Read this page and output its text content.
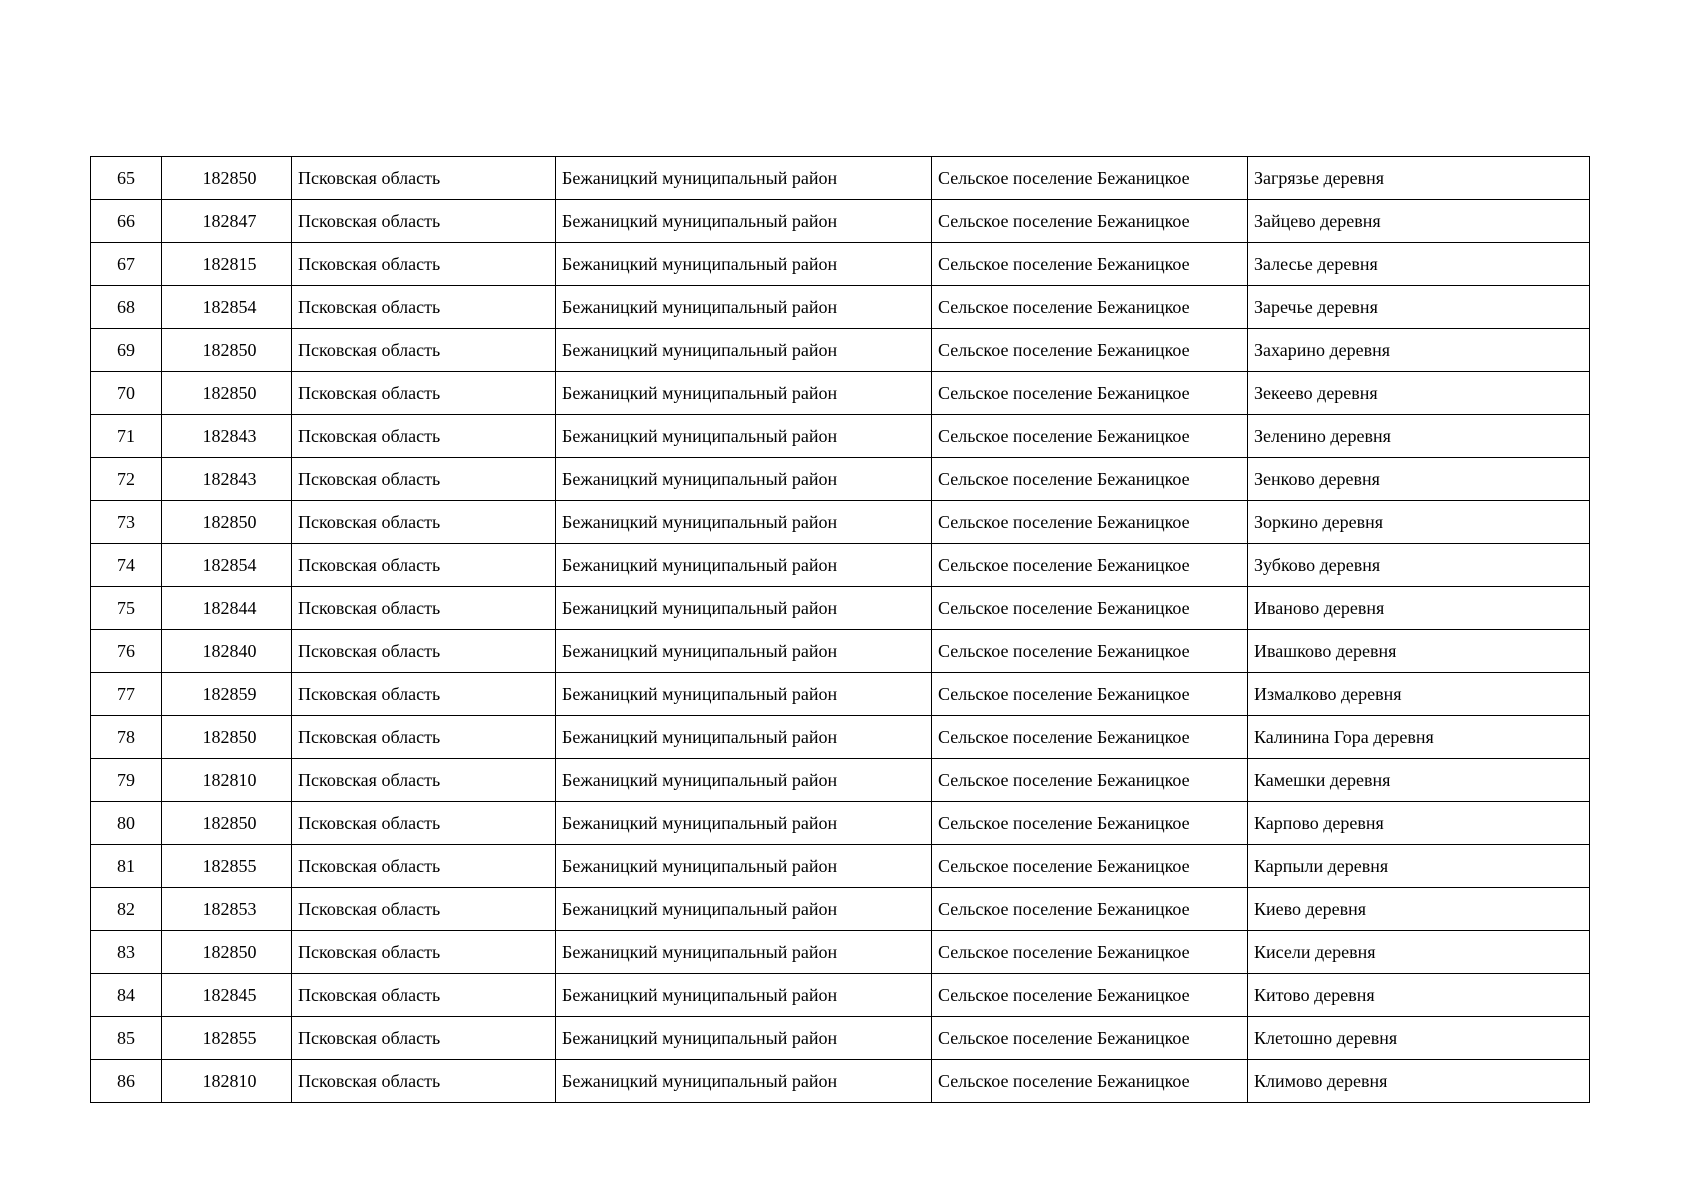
65	182850	Псковская область	Бежаницкий муниципальный район	Сельское поселение Бежаницкое	Загрязье деревня
66	182847	Псковская область	Бежаницкий муниципальный район	Сельское поселение Бежаницкое	Зайцево деревня
67	182815	Псковская область	Бежаницкий муниципальный район	Сельское поселение Бежаницкое	Залесье деревня
68	182854	Псковская область	Бежаницкий муниципальный район	Сельское поселение Бежаницкое	Заречье деревня
69	182850	Псковская область	Бежаницкий муниципальный район	Сельское поселение Бежаницкое	Захарино деревня
70	182850	Псковская область	Бежаницкий муниципальный район	Сельское поселение Бежаницкое	Зекеево деревня
71	182843	Псковская область	Бежаницкий муниципальный район	Сельское поселение Бежаницкое	Зеленино деревня
72	182843	Псковская область	Бежаницкий муниципальный район	Сельское поселение Бежаницкое	Зенково деревня
73	182850	Псковская область	Бежаницкий муниципальный район	Сельское поселение Бежаницкое	Зоркино деревня
74	182854	Псковская область	Бежаницкий муниципальный район	Сельское поселение Бежаницкое	Зубково деревня
75	182844	Псковская область	Бежаницкий муниципальный район	Сельское поселение Бежаницкое	Иваново деревня
76	182840	Псковская область	Бежаницкий муниципальный район	Сельское поселение Бежаницкое	Ивашково деревня
77	182859	Псковская область	Бежаницкий муниципальный район	Сельское поселение Бежаницкое	Измалково деревня
78	182850	Псковская область	Бежаницкий муниципальный район	Сельское поселение Бежаницкое	Калинина Гора деревня
79	182810	Псковская область	Бежаницкий муниципальный район	Сельское поселение Бежаницкое	Камешки деревня
80	182850	Псковская область	Бежаницкий муниципальный район	Сельское поселение Бежаницкое	Карпово деревня
81	182855	Псковская область	Бежаницкий муниципальный район	Сельское поселение Бежаницкое	Карпыли деревня
82	182853	Псковская область	Бежаницкий муниципальный район	Сельское поселение Бежаницкое	Киево деревня
83	182850	Псковская область	Бежаницкий муниципальный район	Сельское поселение Бежаницкое	Кисели деревня
84	182845	Псковская область	Бежаницкий муниципальный район	Сельское поселение Бежаницкое	Китово деревня
85	182855	Псковская область	Бежаницкий муниципальный район	Сельское поселение Бежаницкое	Клетошно деревня
86	182810	Псковская область	Бежаницкий муниципальный район	Сельское поселение Бежаницкое	Климово деревня
